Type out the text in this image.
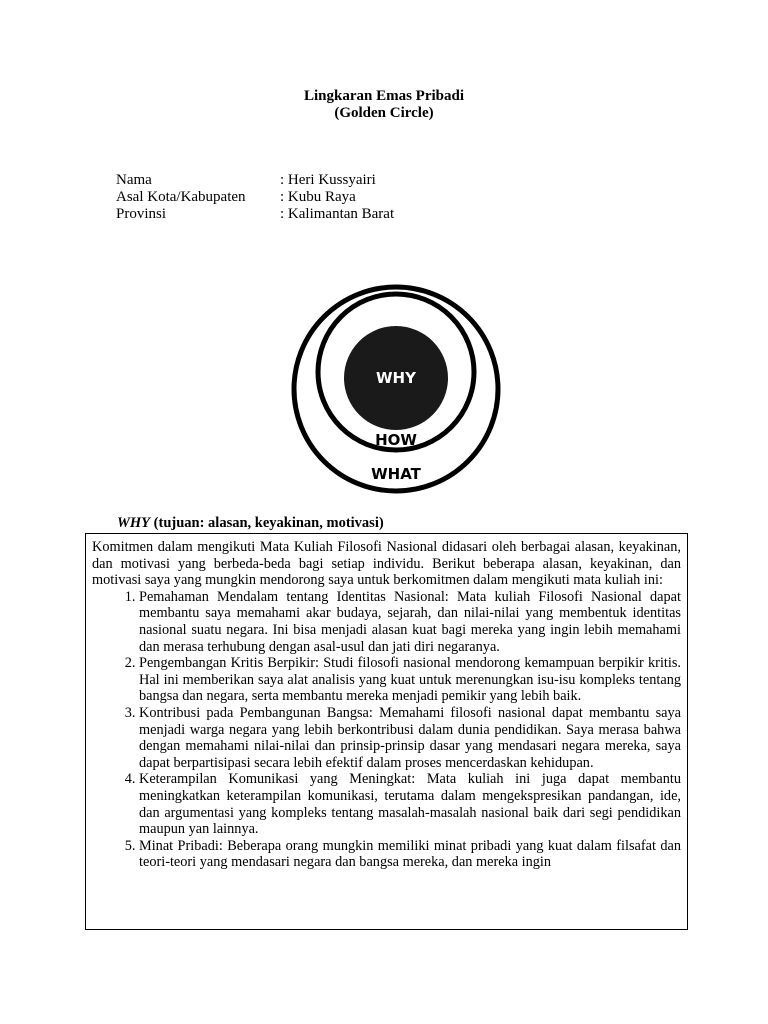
Lingkaran Emas Pribadi
(Golden Circle)
Nama	: Heri Kussyairi
Asal Kota/Kabupaten	: Kubu Raya
Provinsi	: Kalimantan Barat
WHY
HOW
WHAT
WHY (tujuan: alasan, keyakinan, motivasi)

Komitmen dalam mengikuti Mata Kuliah Filosofi Nasional didasari oleh berbagai alasan, keyakinan, dan motivasi yang berbeda-beda bagi setiap individu. Berikut beberapa alasan, keyakinan, dan motivasi saya yang mungkin mendorong saya untuk berkomitmen dalam mengikuti mata kuliah ini:

1. Pemahaman Mendalam tentang Identitas Nasional: Mata kuliah Filosofi Nasional dapat membantu saya memahami akar budaya, sejarah, dan nilai-nilai yang membentuk identitas nasional suatu negara. Ini bisa menjadi alasan kuat bagi mereka yang ingin lebih memahami dan merasa terhubung dengan asal-usul dan jati diri negaranya.
2. Pengembangan Kritis Berpikir: Studi filosofi nasional mendorong kemampuan berpikir kritis. Hal ini memberikan saya alat analisis yang kuat untuk merenungkan isu-isu kompleks tentang bangsa dan negara, serta membantu mereka menjadi pemikir yang lebih baik.
3. Kontribusi pada Pembangunan Bangsa: Memahami filosofi nasional dapat membantu saya menjadi warga negara yang lebih berkontribusi dalam dunia pendidikan. Saya merasa bahwa dengan memahami nilai-nilai dan prinsip-prinsip dasar yang mendasari negara mereka, saya dapat berpartisipasi secara lebih efektif dalam proses mencerdaskan kehidupan.
4. Keterampilan Komunikasi yang Meningkat: Mata kuliah ini juga dapat membantu meningkatkan keterampilan komunikasi, terutama dalam mengekspresikan pandangan, ide, dan argumentasi yang kompleks tentang masalah-masalah nasional baik dari segi pendidikan maupun yan lainnya.
5. Minat Pribadi: Beberapa orang mungkin memiliki minat pribadi yang kuat dalam filsafat dan teori-teori yang mendasari negara dan bangsa mereka, dan mereka ingin
